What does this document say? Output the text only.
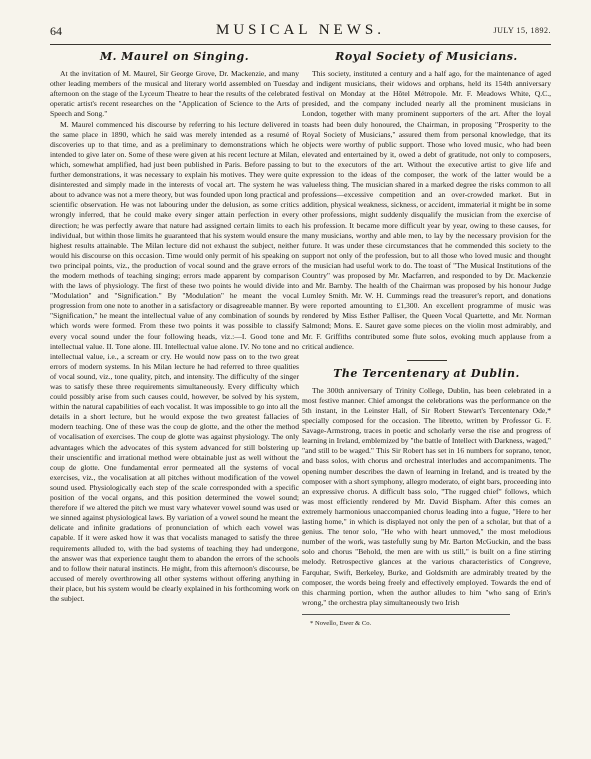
64	MUSICAL NEWS.	JULY 15, 1892.
M. Maurel on Singing.

At the invitation of M. Maurel, Sir George Grove, Dr. Mackenzie, and many other leading members of the musical and literary world assembled on Tuesday afternoon on the stage of the Lyceum Theatre to hear the results of the celebrated operatic artist's recent researches on the "Application of Science to the Arts of Speech and Song."

M. Maurel commenced his discourse by referring to his lecture delivered in the same place in 1890, which he said was merely intended as a resumé of discoveries up to that time, and as a preliminary to demonstrations which he intended to give later on. Some of these were given at his recent lecture at Milan, which, somewhat amplified, had just been published in Paris. Before passing to further demonstrations, it was necessary to explain his motives. They were quite disinterested and simply made in the interests of vocal art. The system he was about to advance was not a mere theory, but was founded upon long practical and scientific observation. He was not labouring under the delusion, as some critics wrongly inferred, that he could make every singer attain perfection in every direction; he was perfectly aware that nature had assigned certain limits to each individual, but within those limits he guaranteed that his system would ensure the highest results attainable. The Milan lecture did not exhaust the subject, neither would his discourse on this occasion. Time would only permit of his speaking on two principal points, viz., the production of vocal sound and the grave errors of the modern methods of teaching singing; errors made apparent by comparison with the laws of physiology. The first of these two points he would divide into "Modulation" and "Signification." By "Modulation" he meant the vocal progression from one note to another in a satisfactory or disagreeable manner. By "Signification," he meant the intellectual value of any combination of sounds by which words were formed. From these two points it was possible to classify every vocal sound under the four following heads, viz.:—I. Good tone and intellectual value. II. Tone alone. III. Intellectual value alone. IV. No tone and no intellectual value, i.e., a scream or cry. He would now pass on to the two great errors of modern systems. In his Milan lecture he had referred to three qualities of vocal sound, viz., tone quality, pitch, and intensity. The difficulty of the singer was to satisfy these three requirements simultaneously. Every difficulty which could possibly arise from such causes could, however, be solved by his system, within the natural capabilities of each vocalist. It was impossible to go into all the details in a short lecture, but he would expose the two greatest fallacies of modern teaching. One of these was the coup de glotte, and the other the method of vocalisation of exercises. The coup de glotte was against physiology. The only advantages which the advocates of this system advanced for still bolstering up their unscientific and irrational method were obtainable just as well without the coup de glotte. One fundamental error permeated all the systems of vocal exercises, viz., the vocalisation at all pitches without modification of the vowel sound used. Physiologically each step of the scale corresponded with a specific position of the vocal organs, and this position determined the vowel sound; therefore if we altered the pitch we must vary whatever vowel sound was used or we sinned against physiological laws. By variation of a vowel sound he meant the delicate and infinite gradations of pronunciation of which each vowel was capable. If it were asked how it was that vocalists managed to satisfy the three requirements alluded to, with the bad systems of teaching they had undergone, the answer was that experience taught them to abandon the errors of the schools and to follow their natural instincts. He might, from this afternoon's discourse, be accused of merely overthrowing all other systems without offering anything in their place, but his system would be clearly explained in his forthcoming work on the subject.

Royal Society of Musicians.

This society, instituted a century and a half ago, for the maintenance of aged and indigent musicians, their widows and orphans, held its 154th anniversary festival on Monday at the Hôtel Métropole. Mr. F. Meadows White, Q.C., presided, and the company included nearly all the prominent musicians in London, together with many prominent supporters of the art. After the loyal toasts had been duly honoured, the Chairman, in proposing "Prosperity to the Royal Society of Musicians," assured them from personal knowledge, that its objects were worthy of public support. Those who loved music, who had been elevated and entertained by it, owed a debt of gratitude, not only to composers, but to the executors of the art. Without the executive artist to give life and expression to the ideas of the composer, the work of the latter would be a valueless thing. The musician shared in a marked degree the risks common to all professions—excessive competition and an over-crowded market. But in addition, physical weakness, sickness, or accident, immaterial it might be in some other professions, might suddenly disqualify the musician from the exercise of his profession. It became more difficult year by year, owing to these causes, for many musicians, worthy and able men, to lay by the necessary provision for the future. It was under these circumstances that he commended this society to the support not only of the profession, but to all those who loved music and thought the musician had useful work to do. The toast of "The Musical Institutions of the Country" was proposed by Mr. Macfarren, and responded to by Dr. Mackenzie and Mr. Barnby. The health of the Chairman was proposed by his honour Judge Lumley Smith. Mr. W. H. Cummings read the treasurer's report, and donations were reported amounting to £1,300. An excellent programme of music was rendered by Miss Esther Palliser, the Queen Vocal Quartette, and Mr. Norman Salmond; Mons. E. Sauret gave some pieces on the violin most admirably, and Mr. F. Griffiths contributed some flute solos, evoking much applause from a critical audience.

The Tercentenary at Dublin.

The 300th anniversary of Trinity College, Dublin, has been celebrated in a most festive manner. Chief amongst the celebrations was the performance on the 5th instant, in the Leinster Hall, of Sir Robert Stewart's Tercentenary Ode,* specially composed for the occasion. The libretto, written by Professor G. F. Savage-Armstrong, traces in poetic and scholarly verse the rise and progress of learning in Ireland, emblemized by "the battle of Intellect with Darkness, waged," "and still to be waged." This Sir Robert has set in 16 numbers for soprano, tenor, and bass solos, with chorus and orchestral interludes and accompaniments. The opening number describes the dawn of learning in Ireland, and is treated by the composer with a short symphony, allegro moderato, of eight bars, proceeding into an expressive chorus. A difficult bass solo, "The rugged chief" follows, which was most efficiently rendered by Mr. David Bispham. After this comes an extremely harmonious unaccompanied chorus leading into a fugue, "Here to her lasting home," in which is displayed not only the pen of a scholar, but that of a genius. The tenor solo, "He who with heart unmoved," the most melodious number of the work, was tastefully sung by Mr. Barton McGuckin, and the bass solo and chorus "Behold, the men are with us still," is built on a fine stirring melody. Retrospective glances at the various characteristics of Congreve, Farquhar, Swift, Berkeley, Burke, and Goldsmith are admirably treated by the composer, the words being freely and effectively employed. Towards the end of this charming portion, when the author alludes to him "who sang of Erin's wrong," the orchestra play simultaneously two Irish

* Novello, Ewer & Co.
